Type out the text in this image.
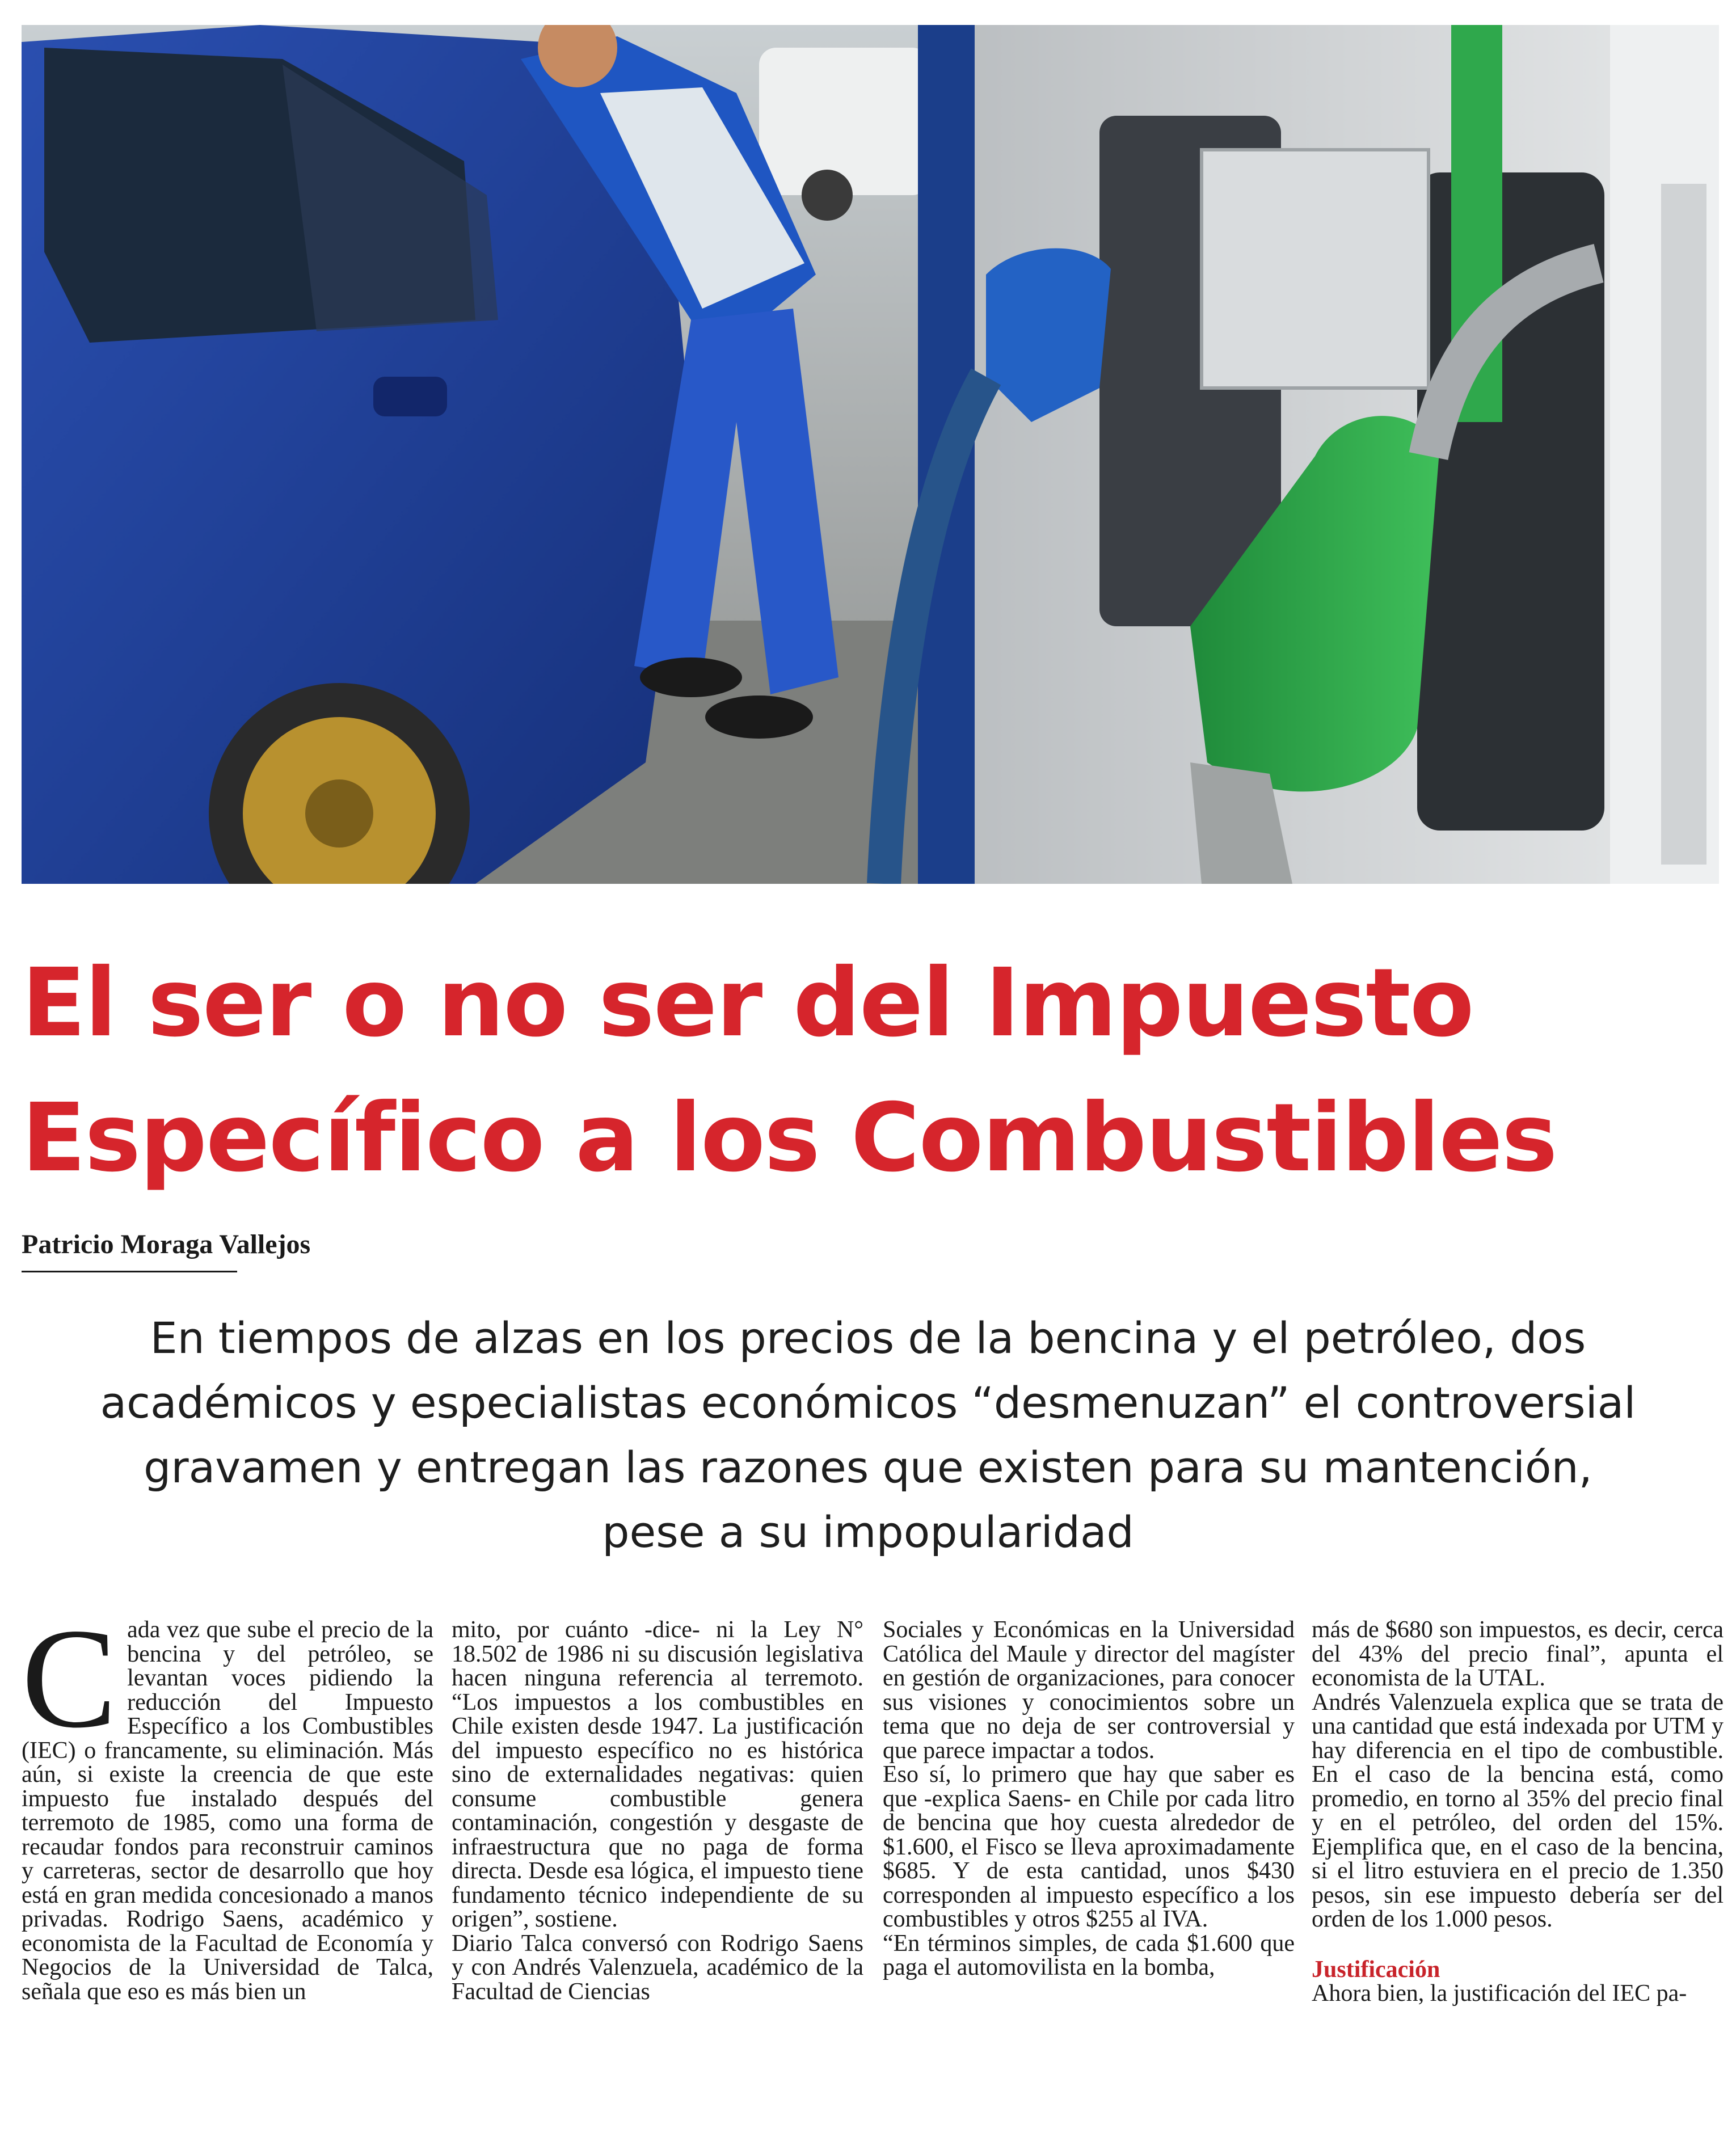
El ser o no ser del Impuesto
Específico a los Combustibles

Patricio Moraga Vallejos

En tiempos de alzas en los precios de la bencina y el petróleo, dos
académicos y especialistas económicos “desmenuzan” el controversial
gravamen y entregan las razones que existen para su mantención,
pese a su impopularidad
C ada vez que sube el precio de la bencina y del petróleo, se levantan voces pidiendo la reducción del Impuesto Específico a los Combustibles (IEC) o francamente, su eliminación. Más aún, si existe la creencia de que este impuesto fue instalado después del terremoto de 1985, como una forma de recaudar fondos para reconstruir caminos y carreteras, sector de desarrollo que hoy está en gran medida concesionado a manos privadas. Rodrigo Saens, académico y economista de la Facultad de Economía y Negocios de la Universidad de Talca, señala que eso es más bien un

mito, por cuánto -dice- ni la Ley N° 18.502 de 1986 ni su discusión legislativa hacen ninguna referencia al terremoto. “Los impuestos a los combustibles en Chile existen desde 1947. La justificación del impuesto específico no es histórica sino de externalidades negativas: quien consume combustible genera contaminación, congestión y desgaste de infraestructura que no paga de forma directa. Desde esa lógica, el impuesto tiene fundamento técnico independiente de su origen”, sostiene.

Diario Talca conversó con Rodrigo Saens y con Andrés Valenzuela, académico de la Facultad de Ciencias

Sociales y Económicas en la Universidad Católica del Maule y director del magíster en gestión de organizaciones, para conocer sus visiones y conocimientos sobre un tema que no deja de ser controversial y que parece impactar a todos.

Eso sí, lo primero que hay que saber es que -explica Saens- en Chile por cada litro de bencina que hoy cuesta alrededor de $1.600, el Fisco se lleva aproximadamente $685. Y de esta cantidad, unos $430 corresponden al impuesto específico a los combustibles y otros $255 al IVA.

“En términos simples, de cada $1.600 que paga el automovilista en la bomba,

más de $680 son impuestos, es decir, cerca del 43% del precio final”, apunta el economista de la UTAL.

Andrés Valenzuela explica que se trata de una cantidad que está indexada por UTM y hay diferencia en el tipo de combustible. En el caso de la bencina está, como promedio, en torno al 35% del precio final y en el petróleo, del orden del 15%. Ejemplifica que, en el caso de la bencina, si el litro estuviera en el precio de 1.350 pesos, sin ese impuesto debería ser del orden de los 1.000 pesos.

Justificación

Ahora bien, la justificación del IEC pa-
